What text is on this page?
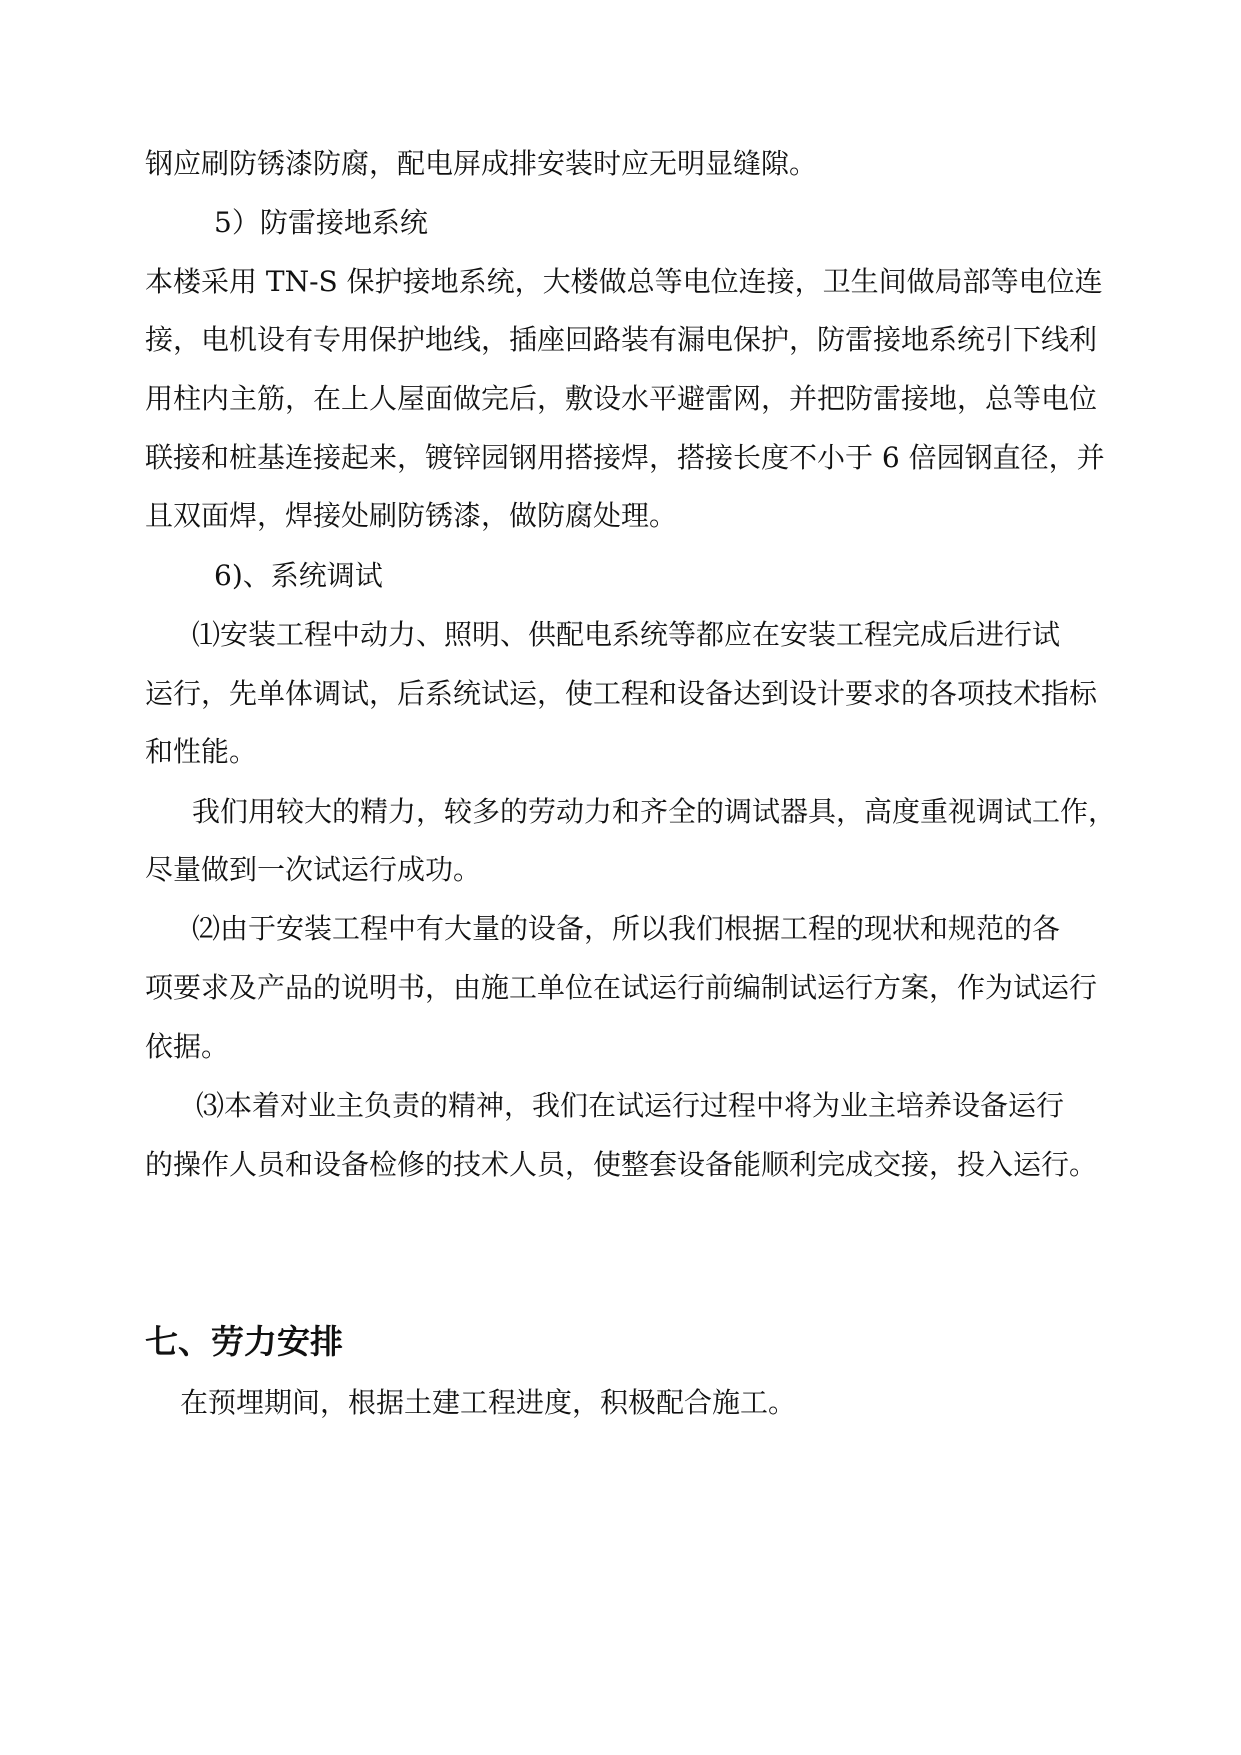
钢应刷防锈漆防腐，配电屏成排安装时应无明显缝隙。
5）防雷接地系统
本楼采用 TN-S 保护接地系统，大楼做总等电位连接，卫生间做局部等电位连
接，电机设有专用保护地线，插座回路装有漏电保护，防雷接地系统引下线利
用柱内主筋，在上人屋面做完后，敷设水平避雷网，并把防雷接地，总等电位
联接和桩基连接起来，镀锌园钢用搭接焊，搭接长度不小于 6 倍园钢直径，并
且双面焊，焊接处刷防锈漆，做防腐处理。
6)、系统调试
⑴安装工程中动力、照明、供配电系统等都应在安装工程完成后进行试
运行，先单体调试，后系统试运，使工程和设备达到设计要求的各项技术指标
和性能。
我们用较大的精力，较多的劳动力和齐全的调试器具，高度重视调试工作，
尽量做到一次试运行成功。
⑵由于安装工程中有大量的设备，所以我们根据工程的现状和规范的各
项要求及产品的说明书，由施工单位在试运行前编制试运行方案，作为试运行
依据。
⑶本着对业主负责的精神，我们在试运行过程中将为业主培养设备运行
的操作人员和设备检修的技术人员，使整套设备能顺利完成交接，投入运行。
七、劳力安排
在预埋期间，根据土建工程进度，积极配合施工。
